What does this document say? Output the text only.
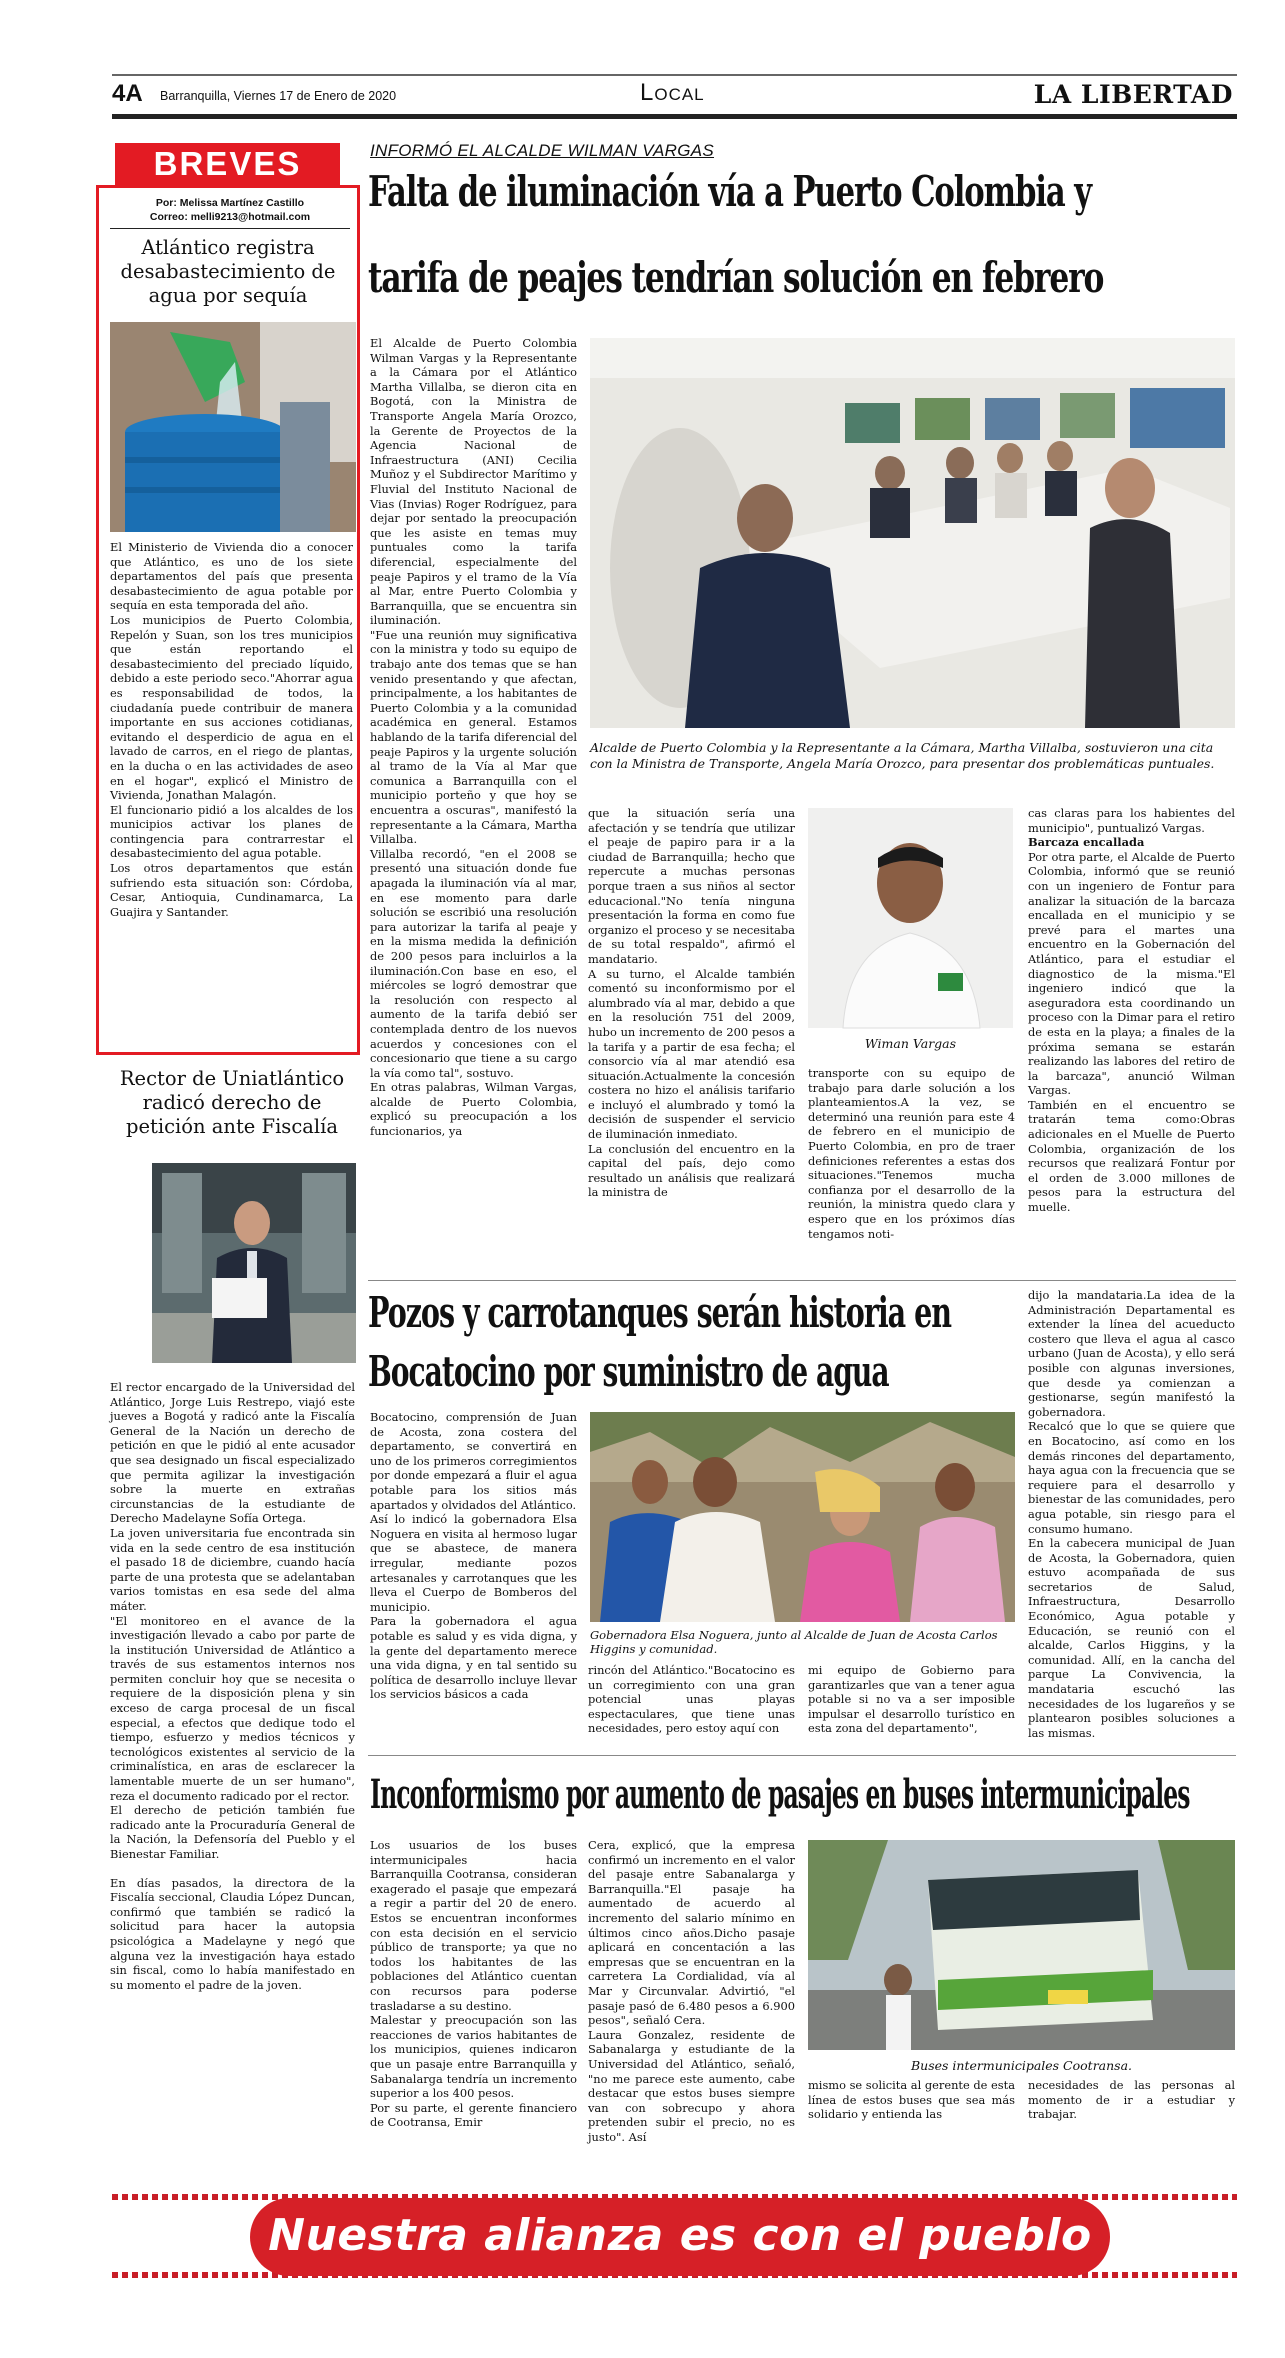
4A Barranquilla, Viernes 17 de Enero de 2020	Local	LA LIBERTAD
BREVES
Por: Melissa Martínez Castillo
Correo: melli9213@hotmail.com
Atlántico registra desabastecimiento de agua por sequía

El Ministerio de Vivienda dio a conocer que Atlántico, es uno de los siete departamentos del país que presenta desabastecimiento de agua potable por sequía en esta temporada del año.

Los municipios de Puerto Colombia, Repelón y Suan, son los tres municipios que están reportando el desabastecimiento del preciado líquido, debido a este periodo seco."Ahorrar agua es responsabilidad de todos, la ciudadanía puede contribuir de manera importante en sus acciones cotidianas, evitando el desperdicio de agua en el lavado de carros, en el riego de plantas, en la ducha o en las actividades de aseo en el hogar", explicó el Ministro de Vivienda, Jonathan Malagón.

El funcionario pidió a los alcaldes de los municipios activar los planes de contingencia para contrarrestar el desabastecimiento del agua potable.

Los otros departamentos que están sufriendo esta situación son: Córdoba, Cesar, Antioquia, Cundinamarca, La Guajira y Santander.

Rector de Uniatlántico radicó derecho de petición ante Fiscalía

El rector encargado de la Universidad del Atlántico, Jorge Luis Restrepo, viajó este jueves a Bogotá y radicó ante la Fiscalía General de la Nación un derecho de petición en que le pidió al ente acusador que sea designado un fiscal especializado que permita agilizar la investigación sobre la muerte en extrañas circunstancias de la estudiante de Derecho Madelayne Sofía Ortega.

La joven universitaria fue encontrada sin vida en la sede centro de esa institución el pasado 18 de diciembre, cuando hacía parte de una protesta que se adelantaban varios tomistas en esa sede del alma máter.

"El monitoreo en el avance de la investigación llevado a cabo por parte de la institución Universidad de Atlántico a través de sus estamentos internos nos permiten concluir hoy que se necesita o requiere de la disposición plena y sin exceso de carga procesal de un fiscal especial, a efectos que dedique todo el tiempo, esfuerzo y medios técnicos y tecnológicos existentes al servicio de la criminalística, en aras de esclarecer la lamentable muerte de un ser humano", reza el documento radicado por el rector.

El derecho de petición también fue radicado ante la Procuraduría General de la Nación, la Defensoría del Pueblo y el Bienestar Familiar.

En días pasados, la directora de la Fiscalía seccional, Claudia López Duncan, confirmó que también se radicó la solicitud para hacer la autopsia psicológica a Madelayne y negó que alguna vez la investigación haya estado sin fiscal, como lo había manifestado en su momento el padre de la joven.

INFORMÓ EL ALCALDE WILMAN VARGAS
Falta de iluminación vía a Puerto Colombia y
tarifa de peajes tendrían solución en febrero

El Alcalde de Puerto Colombia Wilman Vargas y la Representante a la Cámara por el Atlántico Martha Villalba, se dieron cita en Bogotá, con la Ministra de Transporte Angela María Orozco, la Gerente de Proyectos de la Agencia Nacional de Infraestructura (ANI) Cecilia Muñoz y el Subdirector Marítimo y Fluvial del Instituto Nacional de Vias (Invias) Roger Rodríguez, para dejar por sentado la preocupación que les asiste en temas muy puntuales como la tarifa diferencial, especialmente del peaje Papiros y el tramo de la Vía al Mar, entre Puerto Colombia y Barranquilla, que se encuentra sin iluminación.

"Fue una reunión muy significativa con la ministra y todo su equipo de trabajo ante dos temas que se han venido presentando y que afectan, principalmente, a los habitantes de Puerto Colombia y a la comunidad académica en general. Estamos hablando de la tarifa diferencial del peaje Papiros y la urgente solución al tramo de la Vía al Mar que comunica a Barranquilla con el municipio porteño y que hoy se encuentra a oscuras", manifestó la representante a la Cámara, Martha Villalba.

Villalba recordó, "en el 2008 se presentó una situación donde fue apagada la iluminación vía al mar, en ese momento para darle solución se escribió una resolución para autorizar la tarifa al peaje y en la misma medida la definición de 200 pesos para incluirlos a la iluminación.Con base en eso, el miércoles se logró demostrar que la resolución con respecto al aumento de la tarifa debió ser contemplada dentro de los nuevos acuerdos y concesiones con el concesionario que tiene a su cargo la vía como tal", sostuvo.

En otras palabras, Wilman Vargas, alcalde de Puerto Colombia, explicó su preocupación a los funcionarios, ya

Alcalde de Puerto Colombia y la Representante a la Cámara, Martha Villalba, sostuvieron una cita con la Ministra de Transporte, Angela María Orozco, para presentar dos problemáticas puntuales.

que la situación sería una afectación y se tendría que utilizar el peaje de papiro para ir a la ciudad de Barranquilla; hecho que repercute a muchas personas porque traen a sus niños al sector educacional."No tenía ninguna presentación la forma en como fue organizo el proceso y se necesitaba de su total respaldo", afirmó el mandatario.

A su turno, el Alcalde también comentó su inconformismo por el alumbrado vía al mar, debido a que en la resolución 751 del 2009, hubo un incremento de 200 pesos a la tarifa y a partir de esa fecha; el consorcio vía al mar atendió esa situación.Actualmente la concesión costera no hizo el análisis tarifario e incluyó el alumbrado y tomó la decisión de suspender el servicio de iluminación inmediato.

La conclusión del encuentro en la capital del país, dejo como resultado un análisis que realizará la ministra de

Wiman Vargas

transporte con su equipo de trabajo para darle solución a los planteamientos.A la vez, se determinó una reunión para este 4 de febrero en el municipio de Puerto Colombia, en pro de traer definiciones referentes a estas dos situaciones."Tenemos mucha confianza por el desarrollo de la reunión, la ministra quedo clara y espero que en los próximos días tengamos noti-

cas claras para los habientes del municipio", puntualizó Vargas.

Barcaza encallada

Por otra parte, el Alcalde de Puerto Colombia, informó que se reunió con un ingeniero de Fontur para analizar la situación de la barcaza encallada en el municipio y se prevé para el martes una encuentro en la Gobernación del Atlántico, para el estudiar el diagnostico de la misma."El ingeniero indicó que la aseguradora esta coordinando un proceso con la Dimar para el retiro de esta en la playa; a finales de la próxima semana se estarán realizando las labores del retiro de la barcaza", anunció Wilman Vargas.

También en el encuentro se tratarán tema como:Obras adicionales en el Muelle de Puerto Colombia, organización de los recursos que realizará Fontur por el orden de 3.000 millones de pesos para la estructura del muelle.

Pozos y carrotanques serán historia en
Bocatocino por suministro de agua

Bocatocino, comprensión de Juan de Acosta, zona costera del departamento, se convertirá en uno de los primeros corregimientos por donde empezará a fluir el agua potable para los sitios más apartados y olvidados del Atlántico.

Así lo indicó la gobernadora Elsa Noguera en visita al hermoso lugar que se abastece, de manera irregular, mediante pozos artesanales y carrotanques que les lleva el Cuerpo de Bomberos del municipio.

Para la gobernadora el agua potable es salud y es vida digna, y la gente del departamento merece una vida digna, y en tal sentido su política de desarrollo incluye llevar los servicios básicos a cada

Gobernadora Elsa Noguera, junto al Alcalde de Juan de Acosta Carlos Higgins y comunidad.

rincón del Atlántico."Bocatocino es un corregimiento con una gran potencial unas playas espectaculares, que tiene unas necesidades, pero estoy aquí con

mi equipo de Gobierno para garantizarles que van a tener agua potable si no va a ser imposible impulsar el desarrollo turístico en esta zona del departamento",

dijo la mandataria.La idea de la Administración Departamental es extender la línea del acueducto costero que lleva el agua al casco urbano (Juan de Acosta), y ello será posible con algunas inversiones, que desde ya comienzan a gestionarse, según manifestó la gobernadora.

Recalcó que lo que se quiere que en Bocatocino, así como en los demás rincones del departamento, haya agua con la frecuencia que se requiere para el desarrollo y bienestar de las comunidades, pero agua potable, sin riesgo para el consumo humano.

En la cabecera municipal de Juan de Acosta, la Gobernadora, quien estuvo acompañada de sus secretarios de Salud, Infraestructura, Desarrollo Económico, Agua potable y Educación, se reunió con el alcalde, Carlos Higgins, y la comunidad. Allí, en la cancha del parque La Convivencia, la mandataria escuchó las necesidades de los lugareños y se plantearon posibles soluciones a las mismas.

Inconformismo por aumento de pasajes en buses intermunicipales

Los usuarios de los buses intermunicipales hacia Barranquilla Cootransa, consideran exagerado el pasaje que empezará a regir a partir del 20 de enero. Estos se encuentran inconformes con esta decisión en el servicio público de transporte; ya que no todos los habitantes de las poblaciones del Atlántico cuentan con recursos para poderse trasladarse a su destino.

Malestar y preocupación son las reacciones de varios habitantes de los municipios, quienes indicaron que un pasaje entre Barranquilla y Sabanalarga tendría un incremento superior a los 400 pesos.

Por su parte, el gerente financiero de Cootransa, Emir

Cera, explicó, que la empresa confirmó un incremento en el valor del pasaje entre Sabanalarga y Barranquilla."El pasaje ha aumentado de acuerdo al incremento del salario mínimo en últimos cinco años.Dicho pasaje aplicará en concentación a las empresas que se encuentran en la carretera La Cordialidad, vía al Mar y Circunvalar. Advirtió, "el pasaje pasó de 6.480 pesos a 6.900 pesos", señaló Cera.

Laura Gonzalez, residente de Sabanalarga y estudiante de la Universidad del Atlántico, señaló, "no me parece este aumento, cabe destacar que estos buses siempre van con sobrecupo y ahora pretenden subir el precio, no es justo". Así

Buses intermunicipales Cootransa.

mismo se solicita al gerente de esta línea de estos buses que sea más solidario y entienda las

necesidades de las personas al momento de ir a estudiar y trabajar.

Nuestra alianza es con el pueblo
